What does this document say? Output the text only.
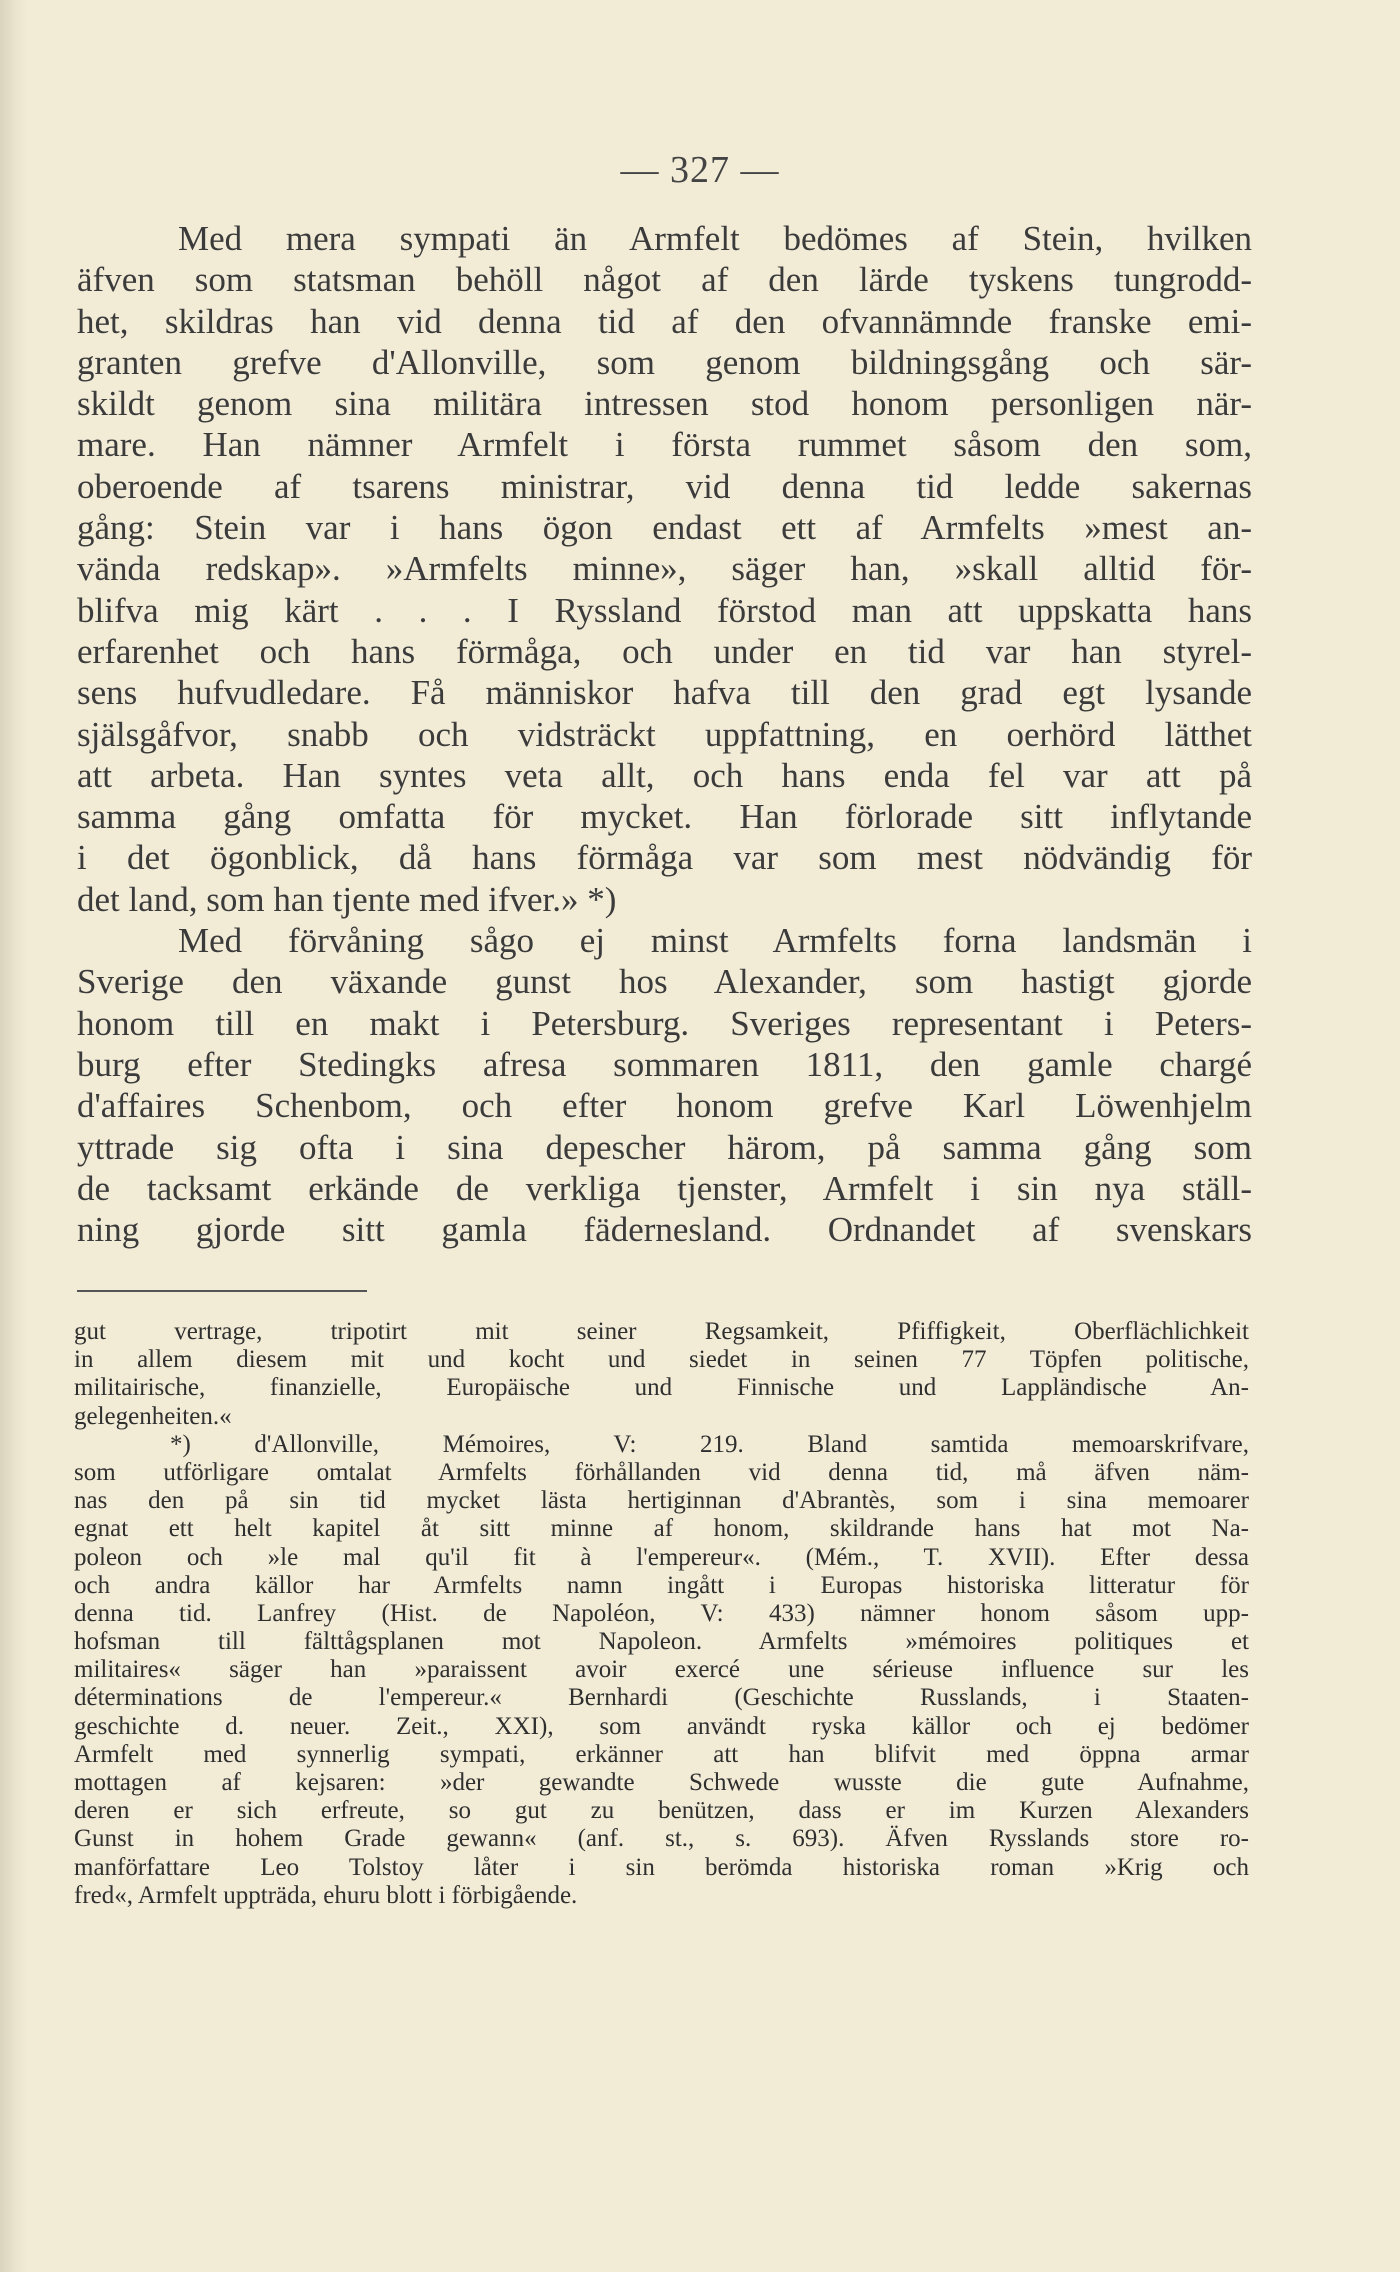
— 327 —
Med mera sympati än Armfelt bedömes af Stein, hvilken
äfven som statsman behöll något af den lärde tyskens tungrodd-
het, skildras han vid denna tid af den ofvannämnde franske emi-
granten grefve d'Allonville, som genom bildningsgång och sär-
skildt genom sina militära intressen stod honom personligen när-
mare. Han nämner Armfelt i första rummet såsom den som,
oberoende af tsarens ministrar, vid denna tid ledde sakernas
gång: Stein var i hans ögon endast ett af Armfelts »mest an-
vända redskap». »Armfelts minne», säger han, »skall alltid för-
blifva mig kärt . . . I Ryssland förstod man att uppskatta hans
erfarenhet och hans förmåga, och under en tid var han styrel-
sens hufvudledare. Få människor hafva till den grad egt lysande
själsgåfvor, snabb och vidsträckt uppfattning, en oerhörd lätthet
att arbeta. Han syntes veta allt, och hans enda fel var att på
samma gång omfatta för mycket. Han förlorade sitt inflytande
i det ögonblick, då hans förmåga var som mest nödvändig för
det land, som han tjente med ifver.» *)
Med förvåning sågo ej minst Armfelts forna landsmän i
Sverige den växande gunst hos Alexander, som hastigt gjorde
honom till en makt i Petersburg. Sveriges representant i Peters-
burg efter Stedingks afresa sommaren 1811, den gamle chargé
d'affaires Schenbom, och efter honom grefve Karl Löwenhjelm
yttrade sig ofta i sina depescher härom, på samma gång som
de tacksamt erkände de verkliga tjenster, Armfelt i sin nya ställ-
ning gjorde sitt gamla fädernesland. Ordnandet af svenskars
gut vertrage, tripotirt mit seiner Regsamkeit, Pfiffigkeit, Oberflächlichkeit
in allem diesem mit und kocht und siedet in seinen 77 Töpfen politische,
militairische, finanzielle, Europäische und Finnische und Lappländische An-
gelegenheiten.«
*) d'Allonville, Mémoires, V: 219. Bland samtida memoarskrifvare,
som utförligare omtalat Armfelts förhållanden vid denna tid, må äfven näm-
nas den på sin tid mycket lästa hertiginnan d'Abrantès, som i sina memoarer
egnat ett helt kapitel åt sitt minne af honom, skildrande hans hat mot Na-
poleon och »le mal qu'il fit à l'empereur«. (Mém., T. XVII). Efter dessa
och andra källor har Armfelts namn ingått i Europas historiska litteratur för
denna tid. Lanfrey (Hist. de Napoléon, V: 433) nämner honom såsom upp-
hofsman till fälttågsplanen mot Napoleon. Armfelts »mémoires politiques et
militaires« säger han »paraissent avoir exercé une sérieuse influence sur les
déterminations de l'empereur.« Bernhardi (Geschichte Russlands, i Staaten-
geschichte d. neuer. Zeit., XXI), som användt ryska källor och ej bedömer
Armfelt med synnerlig sympati, erkänner att han blifvit med öppna armar
mottagen af kejsaren: »der gewandte Schwede wusste die gute Aufnahme,
deren er sich erfreute, so gut zu benützen, dass er im Kurzen Alexanders
Gunst in hohem Grade gewann« (anf. st., s. 693). Äfven Rysslands store ro-
manförfattare Leo Tolstoy låter i sin berömda historiska roman »Krig och
fred«, Armfelt uppträda, ehuru blott i förbigående.
